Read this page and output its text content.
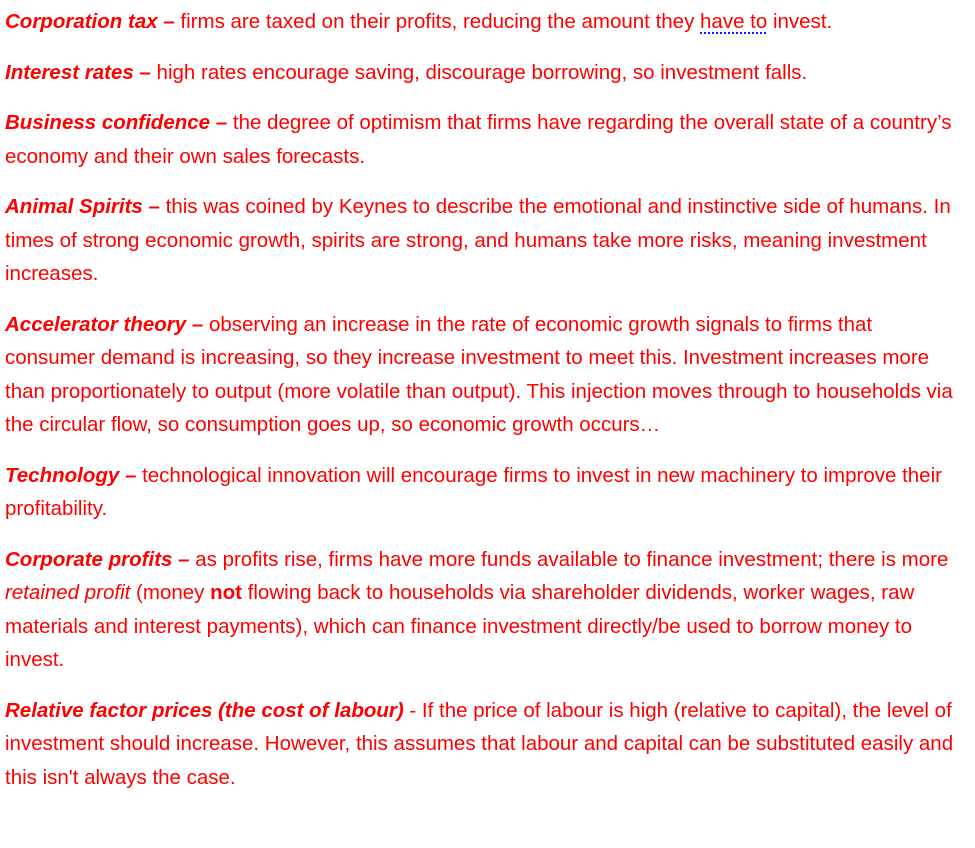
Corporation tax – firms are taxed on their profits, reducing the amount they have to invest.

Interest rates – high rates encourage saving, discourage borrowing, so investment falls.

Business confidence – the degree of optimism that firms have regarding the overall state of a country’s economy and their own sales forecasts.

Animal Spirits – this was coined by Keynes to describe the emotional and instinctive side of humans. In times of strong economic growth, spirits are strong, and humans take more risks, meaning investment increases.

Accelerator theory – observing an increase in the rate of economic growth signals to firms that consumer demand is increasing, so they increase investment to meet this. Investment increases more than proportionately to output (more volatile than output). This injection moves through to households via the circular flow, so consumption goes up, so economic growth occurs…

Technology – technological innovation will encourage firms to invest in new machinery to improve their profitability.

Corporate profits – as profits rise, firms have more funds available to finance investment; there is more retained profit (money not flowing back to households via shareholder dividends, worker wages, raw materials and interest payments), which can finance investment directly/be used to borrow money to invest.

Relative factor prices (the cost of labour) - If the price of labour is high (relative to capital), the level of investment should increase. However, this assumes that labour and capital can be substituted easily and this isn't always the case.
